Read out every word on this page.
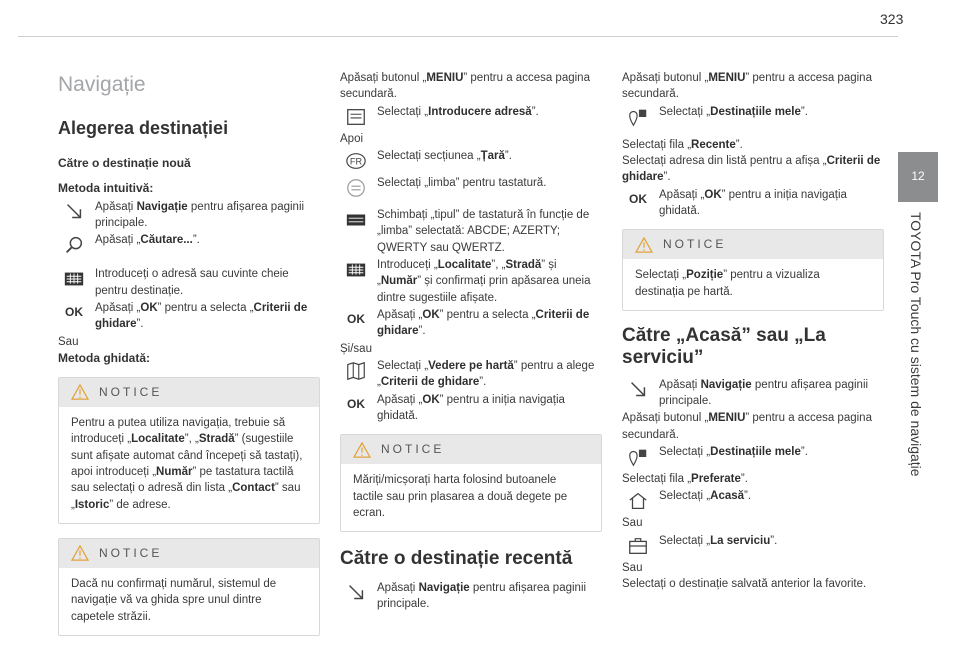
323
12
TOYOTA Pro Touch cu sistem de navigație
Navigație
Alegerea destinației
Către o destinație nouă

Metoda intuitivă:

Apăsați Navigație pentru afișarea paginii principale.

Apăsați „Căutare...”.

Introduceți o adresă sau cuvinte cheie pentru destinație.

OK	Apăsați „OK” pentru a selecta „Criterii de ghidare”.

Sau

Metoda ghidată:

NOTICE
Pentru a putea utiliza navigația, trebuie să introduceți „Localitate”, „Stradă” (sugestiile sunt afișate automat când începeți să tastați), apoi introduceți „Număr” pe tastatura tactilă sau selectați o adresă din lista „Contact” sau „Istoric” de adrese.
NOTICE
Dacă nu confirmați numărul, sistemul de navigație vă va ghida spre unul dintre capetele străzii.

Apăsați butonul „MENIU” pentru a accesa pagina secundară.

Selectați „Introducere adresă”.

Apoi

FR Selectați secțiunea „Țară”.

Selectați „limba” pentru tastatură.

Schimbați „tipul” de tastatură în funcție de „limba” selectată: ABCDE; AZERTY; QWERTY sau QWERTZ.

Introduceți „Localitate”, „Stradă” și „Număr” și confirmați prin apăsarea uneia dintre sugestiile afișate.

OK	Apăsați „OK” pentru a selecta „Criterii de ghidare”.

Și/sau

Selectați „Vedere pe hartă” pentru a alege „Criterii de ghidare”.

OK	Apăsați „OK” pentru a iniția navigația ghidată.

NOTICE
Măriți/micșorați harta folosind butoanele tactile sau prin plasarea a două degete pe ecran.
Către o destinație recentă

Apăsați Navigație pentru afișarea paginii principale.

Apăsați butonul „MENIU” pentru a accesa pagina secundară.

Selectați „Destinațiile mele”.

Selectați fila „Recente”.

Selectați adresa din listă pentru a afișa „Criterii de ghidare”.

OK	Apăsați „OK” pentru a iniția navigația ghidată.

NOTICE
Selectați „Poziție” pentru a vizualiza destinația pe hartă.
Către „Acasă” sau „La serviciu”

Apăsați Navigație pentru afișarea paginii principale.

Apăsați butonul „MENIU” pentru a accesa pagina secundară.

Selectați „Destinațiile mele”.

Selectați fila „Preferate”.

Selectați „Acasă”.

Sau

Selectați „La serviciu”.

Sau

Selectați o destinație salvată anterior la favorite.
